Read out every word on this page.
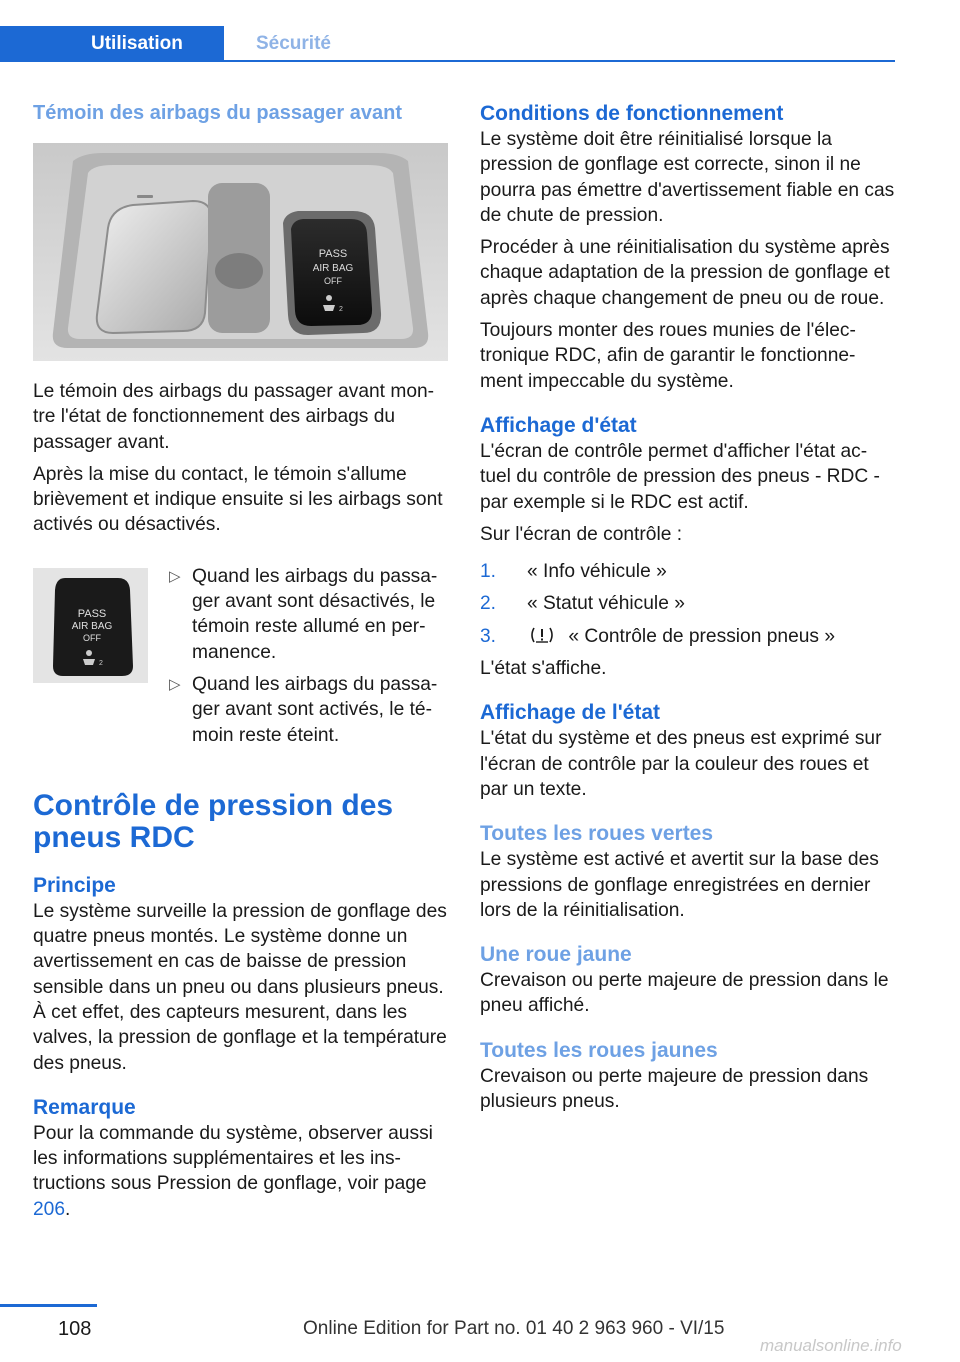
Utilisation	Sécurité
Témoin des airbags du passager avant
PASS
AIR BAG
OFF
2

Le témoin des airbags du passager avant mon- tre l'état de fonctionnement des airbags du passager avant.

Après la mise du contact, le témoin s'allume brièvement et indique ensuite si les airbags sont activés ou désactivés.

PASS
AIR BAG
OFF
2
▷ Quand les airbags du passa- ger avant sont désactivés, le témoin reste allumé en per- manence.
▷ Quand les airbags du passa- ger avant sont activés, le té- moin reste éteint.
Contrôle de pression des pneus RDC
Principe

Le système surveille la pression de gonflage des quatre pneus montés. Le système donne un avertissement en cas de baisse de pression sensible dans un pneu ou dans plusieurs pneus. À cet effet, des capteurs mesurent, dans les valves, la pression de gonflage et la température des pneus.

Remarque

Pour la commande du système, observer aussi les informations supplémentaires et les ins- tructions sous Pression de gonflage, voir page 206.

Conditions de fonctionnement

Le système doit être réinitialisé lorsque la pression de gonflage est correcte, sinon il ne pourra pas émettre d'avertissement fiable en cas de chute de pression.

Procéder à une réinitialisation du système après chaque adaptation de la pression de gonflage et après chaque changement de pneu ou de roue.

Toujours monter des roues munies de l'élec- tronique RDC, afin de garantir le fonctionne- ment impeccable du système.

Affichage d'état

L'écran de contrôle permet d'afficher l'état ac- tuel du contrôle de pression des pneus - RDC - par exemple si le RDC est actif.

Sur l'écran de contrôle :

1. « Info véhicule »
2. « Statut véhicule »
3.	« Contrôle de pression pneus »

L'état s'affiche.

Affichage de l'état

L'état du système et des pneus est exprimé sur l'écran de contrôle par la couleur des roues et par un texte.

Toutes les roues vertes

Le système est activé et avertit sur la base des pressions de gonflage enregistrées en dernier lors de la réinitialisation.

Une roue jaune

Crevaison ou perte majeure de pression dans le pneu affiché.

Toutes les roues jaunes

Crevaison ou perte majeure de pression dans plusieurs pneus.

108	Online Edition for Part no. 01 40 2 963 960 - VI/15
manualsonline.info
